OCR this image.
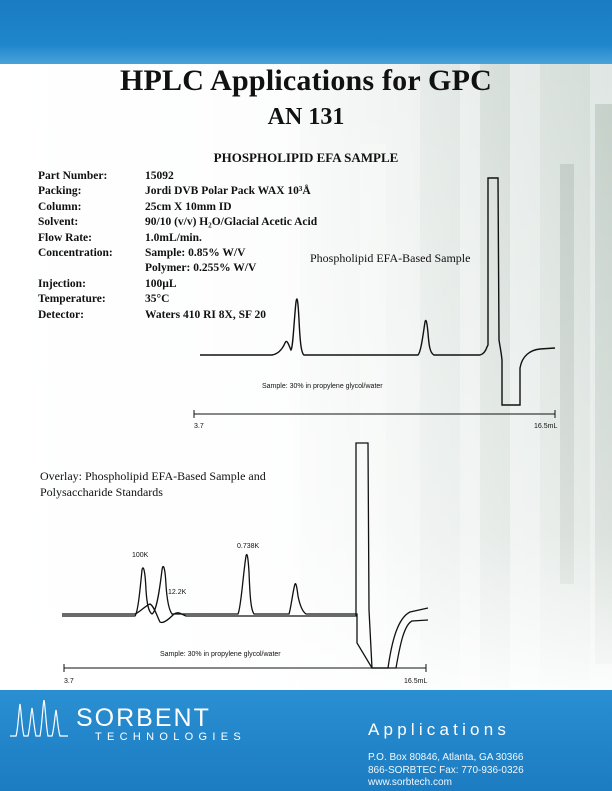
HPLC Applications for GPC
AN 131
PHOSPHOLIPID EFA SAMPLE
Part Number:	15092
Packing:	Jordi DVB Polar Pack WAX 10³Å
Column:	25cm X 10mm ID
Solvent:	90/10 (v/v) H₂O/Glacial Acetic Acid
Flow Rate:	1.0mL/min.
Concentration:	Sample: 0.85% W/V
Polymer: 0.255% W/V
Injection:	100µL
Temperature:	35°C
Detector:	Waters 410 RI 8X, SF 20
Phospholipid EFA-Based Sample
Sample: 30% in propylene glycol/water
3.7	16.5mL
100K
12.2K
0.738K
Sample: 30% in propylene glycol/water
3.7	16.5mL
Overlay: Phospholipid EFA-Based Sample and
Polysaccharide Standards
SORBENT
TECHNOLOGIES	Applications
P.O. Box 80846, Atlanta, GA 30366
866-SORBTEC Fax: 770-936-0326
www.sorbtech.com
